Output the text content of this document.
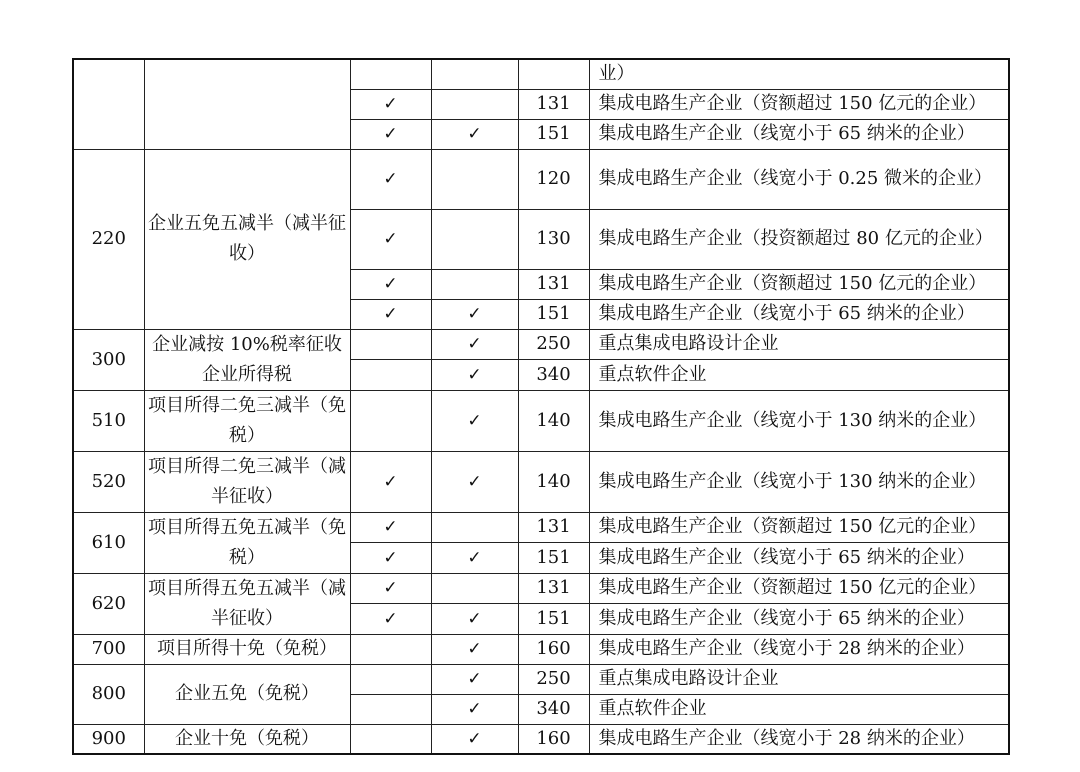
					业）
		✓		131	集成电路生产企业（资额超过 150 亿元的企业）
		✓	✓	151	集成电路生产企业（线宽小于 65 纳米的企业）
220	企业五免五减半（减半征收）	✓		120	集成电路生产企业（线宽小于 0.25 微米的企业）
		✓		130	集成电路生产企业（投资额超过 80 亿元的企业）
		✓		131	集成电路生产企业（资额超过 150 亿元的企业）
		✓	✓	151	集成电路生产企业（线宽小于 65 纳米的企业）
300	企业减按 10%税率征收企业所得税		✓	250	重点集成电路设计企业
			✓	340	重点软件企业
510	项目所得二免三减半（免税）		✓	140	集成电路生产企业（线宽小于 130 纳米的企业）
520	项目所得二免三减半（减半征收）	✓	✓	140	集成电路生产企业（线宽小于 130 纳米的企业）
610	项目所得五免五减半（免税）	✓		131	集成电路生产企业（资额超过 150 亿元的企业）
		✓	✓	151	集成电路生产企业（线宽小于 65 纳米的企业）
620	项目所得五免五减半（减半征收）	✓		131	集成电路生产企业（资额超过 150 亿元的企业）
		✓	✓	151	集成电路生产企业（线宽小于 65 纳米的企业）
700	项目所得十免（免税）		✓	160	集成电路生产企业（线宽小于 28 纳米的企业）
800	企业五免（免税）		✓	250	重点集成电路设计企业
			✓	340	重点软件企业
900	企业十免（免税）		✓	160	集成电路生产企业（线宽小于 28 纳米的企业）
